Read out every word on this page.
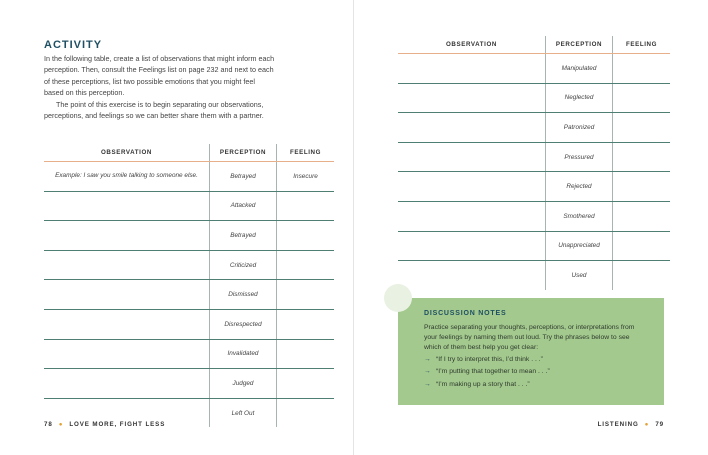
ACTIVITY

In the following table, create a list of observations that might inform each perception. Then, consult the Feelings list on page 232 and next to each of these perceptions, list two possible emotions that you might feel based on this perception.

The point of this exercise is to begin separating our observations, perceptions, and feelings so we can better share them with a partner.

OBSERVATION	PERCEPTION	FEELING
Example: I saw you smile talking to someone else.	Betrayed	Insecure
	Attacked	
	Betrayed	
	Criticized	
	Dismissed	
	Disrespected	
	Invalidated	
	Judged	
	Left Out	
78 ● LOVE MORE, FIGHT LESS
OBSERVATION	PERCEPTION	FEELING
	Manipulated	
	Neglected	
	Patronized	
	Pressured	
	Rejected	
	Smothered	
	Unappreciated	
	Used	
DISCUSSION NOTES
Practice separating your thoughts, perceptions, or interpretations from your feelings by naming them out loud. Try the phrases below to see which of them best help you get clear:
→ “If I try to interpret this, I’d think . . .”
→ “I’m putting that together to mean . . .”
→ “I’m making up a story that . . .”
LISTENING ● 79
